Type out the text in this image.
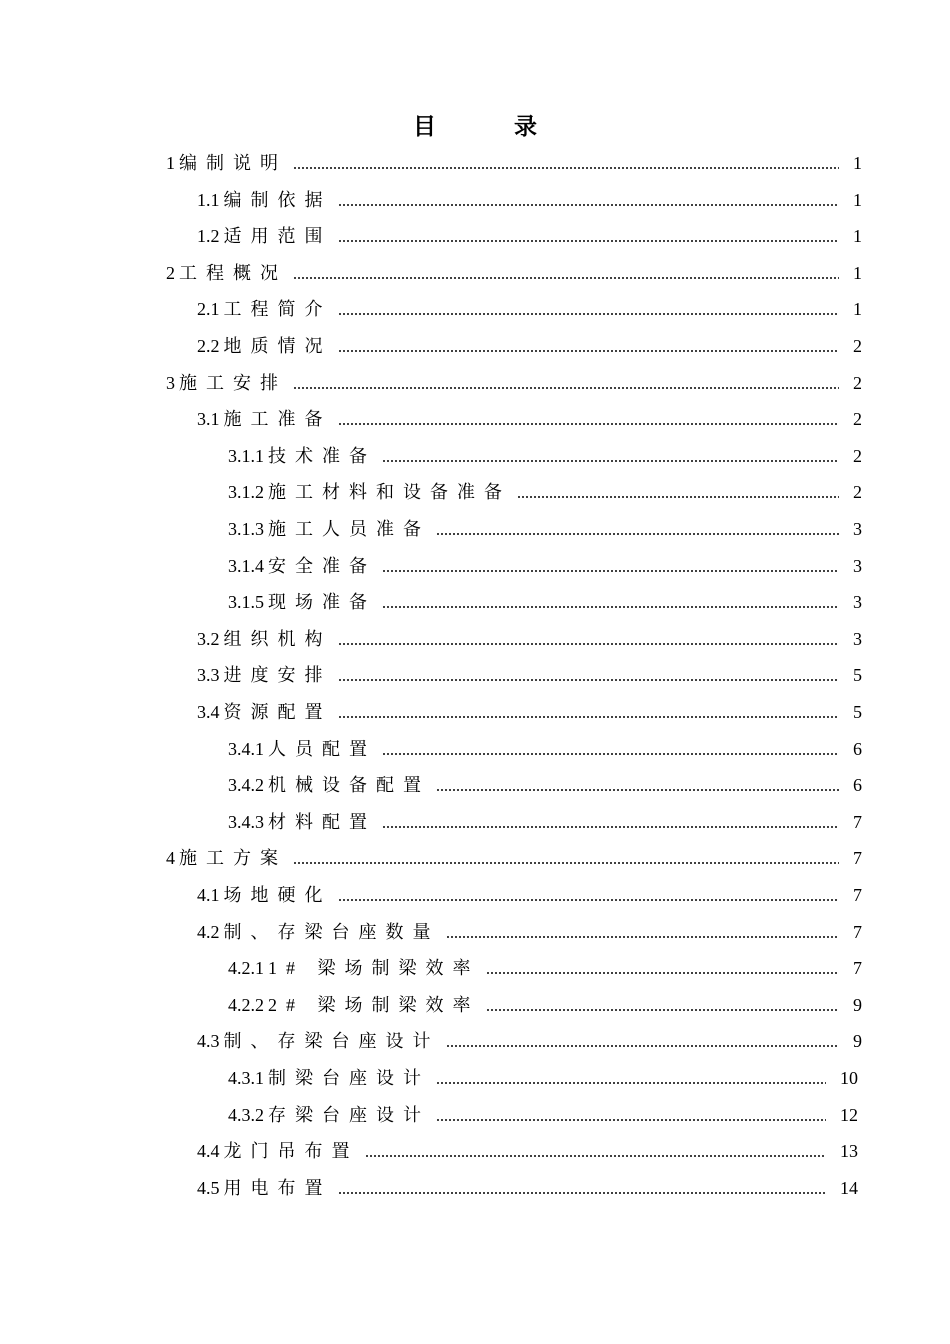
目录
1 编制说明	1
1.1 编制依据	1
1.2 适用范围	1
2 工程概况	1
2.1 工程简介	1
2.2 地质情况	2
3 施工安排	2
3.1 施工准备	2
3.1.1 技术准备	2
3.1.2 施工材料和设备准备	2
3.1.3 施工人员准备	3
3.1.4 安全准备	3
3.1.5 现场准备	3
3.2 组织机构	3
3.3 进度安排	5
3.4 资源配置	5
3.4.1 人员配置	6
3.4.2 机械设备配置	6
3.4.3 材料配置	7
4 施工方案	7
4.1 场地硬化	7
4.2 制、存梁台座数量	7
4.2.1 1# 梁场制梁效率	7
4.2.2 2# 梁场制梁效率	9
4.3 制、存梁台座设计	9
4.3.1 制梁台座设计	10
4.3.2 存梁台座设计	12
4.4 龙门吊布置	13
4.5 用电布置	14
